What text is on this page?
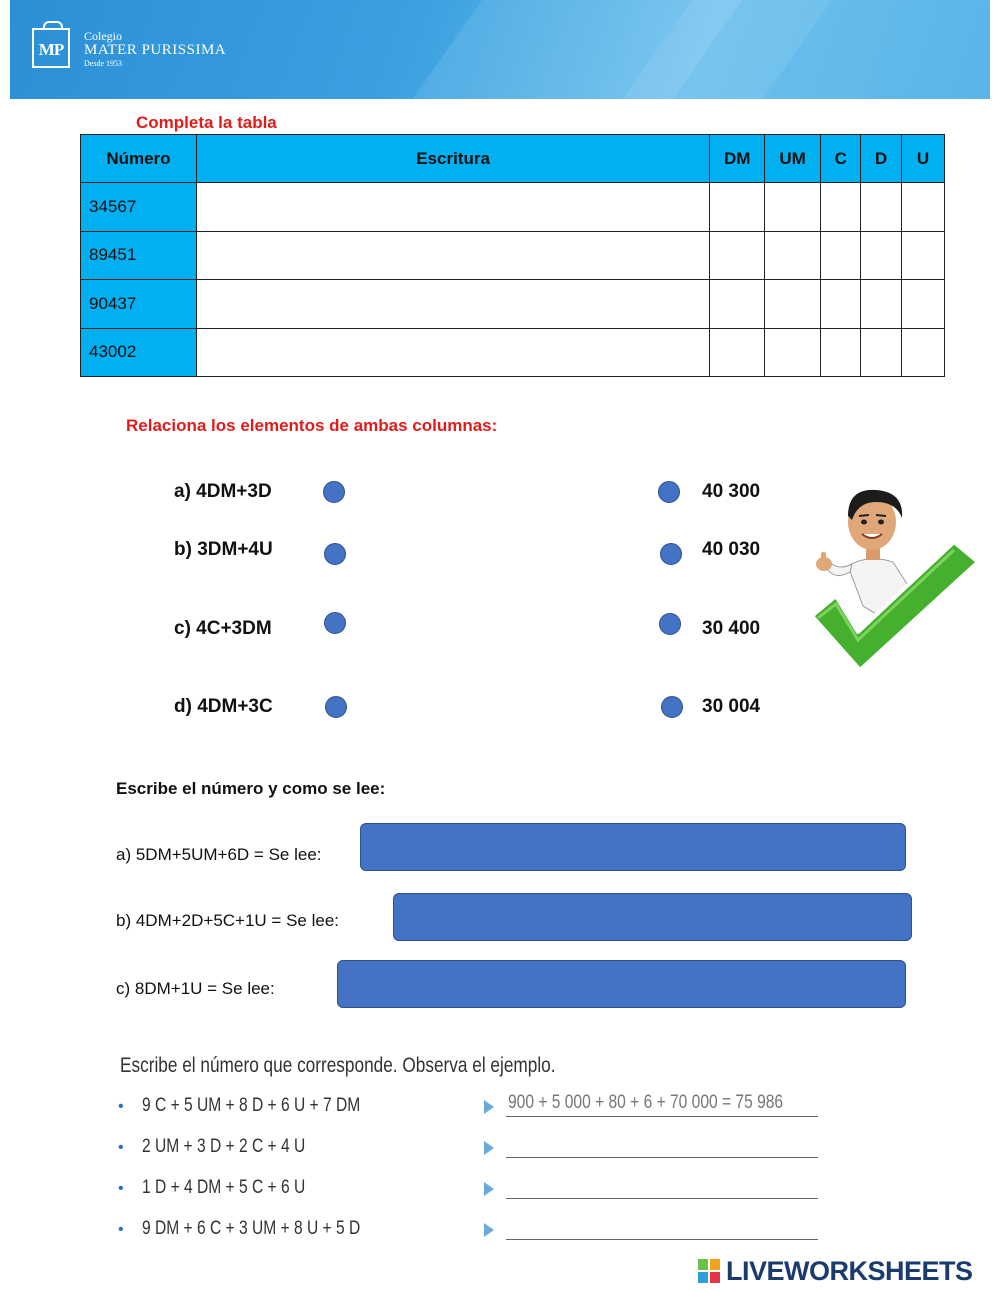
MP
Colegio
MATER PURISSIMA
Desde 1953
Completa la tabla
Número	Escritura	DM	UM	C	D	U
34567						
89451						
90437						
43002						
Relaciona los elementos de ambas columnas:
a) 4DM+3D
b) 3DM+4U
c) 4C+3DM
d) 4DM+3C
40 300
40 030
30 400
30 004
Escribe el número y como se lee:
a) 5DM+5UM+6D = Se lee:
b) 4DM+2D+5C+1U = Se lee:
c) 8DM+1U = Se lee:
Escribe el número que corresponde. Observa el ejemplo.
•
•
•
•
9 C + 5 UM + 8 D + 6 U + 7 DM
2 UM + 3 D + 2 C + 4 U
1 D + 4 DM + 5 C + 6 U
9 DM + 6 C + 3 UM + 8 U + 5 D
900 + 5 000 + 80 + 6 + 70 000 = 75 986
LIVEWORKSHEETS
